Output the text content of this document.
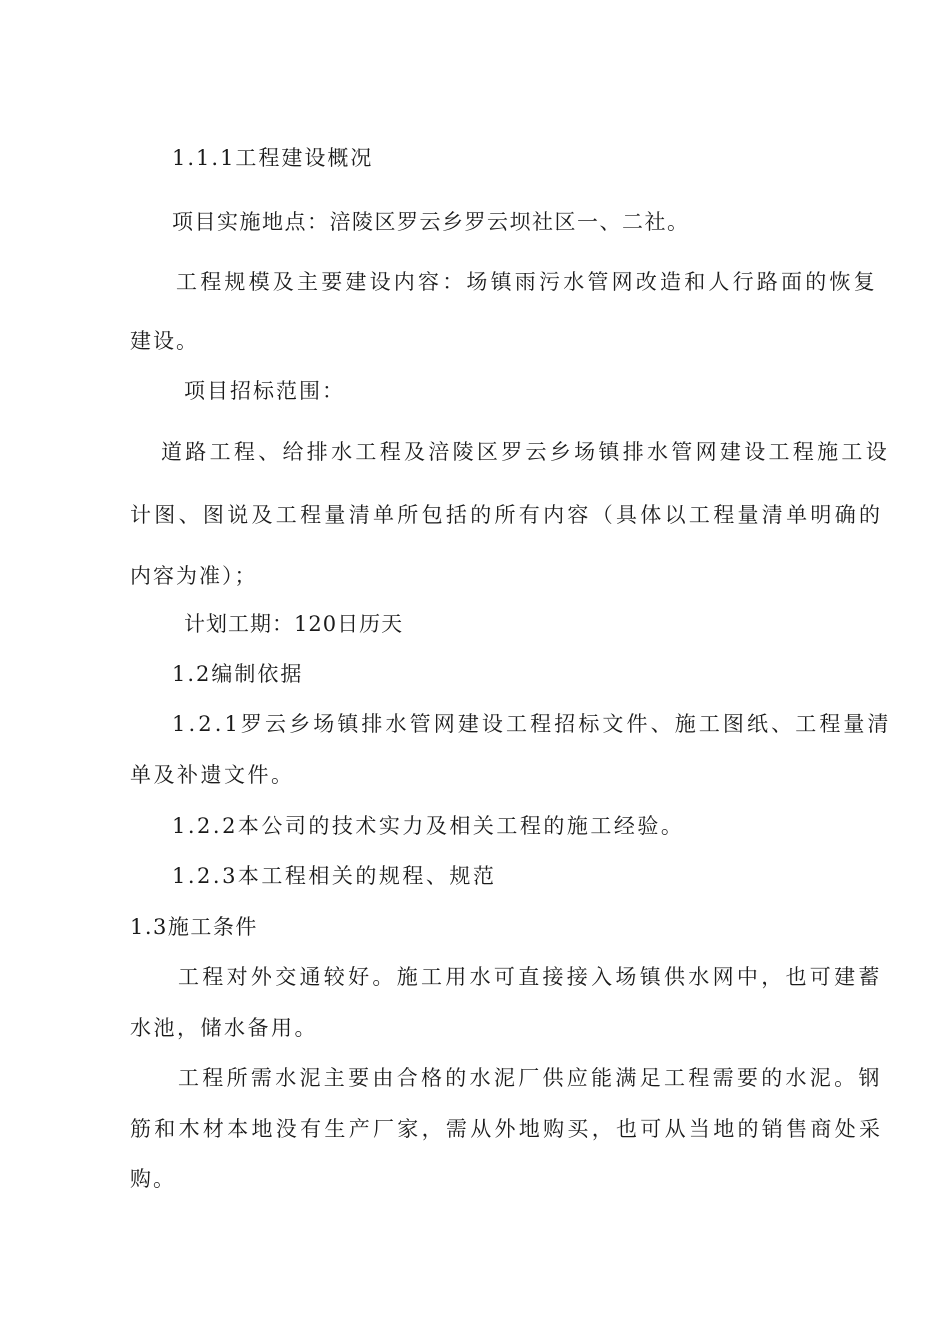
1.1.1工程建设概况

项目实施地点：涪陵区罗云乡罗云坝社区一、二社。

工程规模及主要建设内容：场镇雨污水管网改造和人行路面的恢复

建设。

项目招标范围：

道路工程、给排水工程及涪陵区罗云乡场镇排水管网建设工程施工设

计图、图说及工程量清单所包括的所有内容（具体以工程量清单明确的

内容为准）；

计划工期：120日历天

1.2编制依据

1.2.1罗云乡场镇排水管网建设工程招标文件、施工图纸、工程量清

单及补遗文件。

1.2.2本公司的技术实力及相关工程的施工经验。

1.2.3本工程相关的规程、规范

1.3施工条件

工程对外交通较好。施工用水可直接接入场镇供水网中，也可建蓄

水池，储水备用。

工程所需水泥主要由合格的水泥厂供应能满足工程需要的水泥。钢

筋和木材本地没有生产厂家，需从外地购买，也可从当地的销售商处采

购。
